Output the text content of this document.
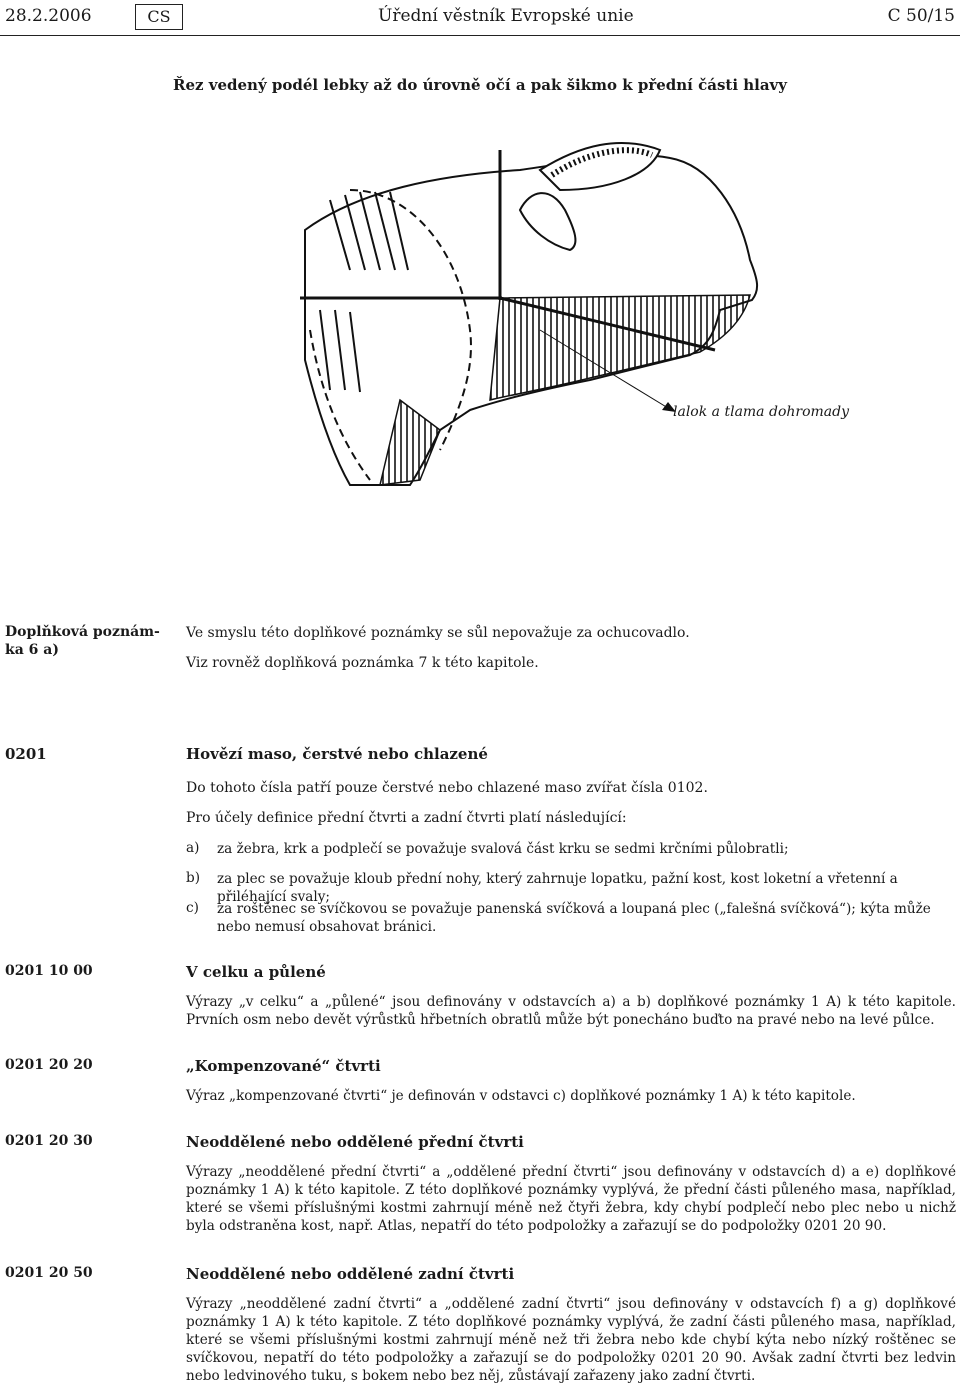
28.2.2006	CS	Úřední věstník Evropské unie	C 50/15
Řez vedený podél lebky až do úrovně očí a pak šikmo k přední části hlavy
lalok a tlama dohromady
Doplňková poznám-
ka 6 a)
Ve smyslu této doplňkové poznámky se sůl nepovažuje za ochucovadlo.
Viz rovněž doplňková poznámka 7 k této kapitole.
0201	Hovězí maso, čerstvé nebo chlazené
Do tohoto čísla patří pouze čerstvé nebo chlazené maso zvířat čísla 0102.
Pro účely definice přední čtvrti a zadní čtvrti platí následující:
a) za žebra, krk a podplečí se považuje svalová část krku se sedmi krčními půlobratli;
b) za plec se považuje kloub přední nohy, který zahrnuje lopatku, pažní kost, kost loketní a vřetenní a přiléhající svaly;
c) za roštěnec se svíčkovou se považuje panenská svíčková a loupaná plec („falešná svíčková“); kýta může nebo nemusí obsahovat bránici.
0201 10 00	V celku a půlené
Výrazy „v celku“ a „půlené“ jsou definovány v odstavcích a) a b) doplňkové poznámky 1 A) k této kapitole. Prvních osm nebo devět výrůstků hřbetních obratlů může být ponecháno buďto na pravé nebo na levé půlce.
0201 20 20	„Kompenzované“ čtvrti
Výraz „kompenzované čtvrti“ je definován v odstavci c) doplňkové poznámky 1 A) k této kapitole.
0201 20 30	Neoddělené nebo oddělené přední čtvrti
Výrazy „neoddělené přední čtvrti“ a „oddělené přední čtvrti“ jsou definovány v odstavcích d) a e) doplňkové poznámky 1 A) k této kapitole. Z této doplňkové poznámky vyplývá, že přední části půleného masa, například, které se všemi příslušnými kostmi zahrnují méně než čtyři žebra, kdy chybí podplečí nebo plec nebo u nichž byla odstraněna kost, např. Atlas, nepatří do této podpoložky a zařazují se do podpoložky 0201 20 90.
0201 20 50	Neoddělené nebo oddělené zadní čtvrti
Výrazy „neoddělené zadní čtvrti“ a „oddělené zadní čtvrti“ jsou definovány v odstavcích f) a g) doplňkové poznámky 1 A) k této kapitole. Z této doplňkové poznámky vyplývá, že zadní části půleného masa, například, které se všemi příslušnými kostmi zahrnují méně než tři žebra nebo kde chybí kýta nebo nízký roštěnec se svíčkovou, nepatří do této podpoložky a zařazují se do podpoložky 0201 20 90. Avšak zadní čtvrti bez ledvin nebo ledvinového tuku, s bokem nebo bez něj, zůstávají zařazeny jako zadní čtvrti.
